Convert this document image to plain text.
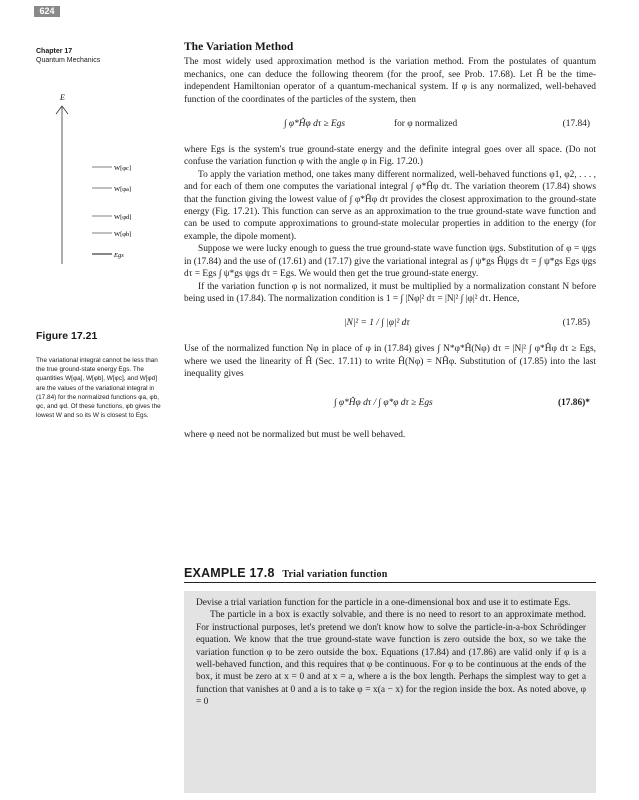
624
Chapter 17
Quantum Mechanics
E
W[φc]
W[φa]
W[φd]
W[φb]
Egs
Figure 17.21
The variational integral cannot be less than the true ground-state energy Egs. The quantities W[φa], W[φb], W[φc], and W[φd] are the values of the variational integral in (17.84) for the normalized functions φa, φb, φc, and φd. Of these functions, φb gives the lowest W and so its W is closest to Egs.
The Variation Method

The most widely used approximation method is the variation method. From the postulates of quantum mechanics, one can deduce the following theorem (for the proof, see Prob. 17.68). Let Ĥ be the time-independent Hamiltonian operator of a quantum-mechanical system. If φ is any normalized, well-behaved function of the coordinates of the particles of the system, then

∫ φ*Ĥφ dτ ≥ Egs	for φ normalized	(17.84)

where Egs is the system's true ground-state energy and the definite integral goes over all space. (Do not confuse the variation function φ with the angle φ in Fig. 17.20.)

To apply the variation method, one takes many different normalized, well-behaved functions φ1, φ2, . . . , and for each of them one computes the variational integral ∫ φ*Ĥφ dτ. The variation theorem (17.84) shows that the function giving the lowest value of ∫ φ*Ĥφ dτ provides the closest approximation to the ground-state energy (Fig. 17.21). This function can serve as an approximation to the true ground-state wave function and can be used to compute approximations to ground-state molecular properties in addition to the energy (for example, the dipole moment).

Suppose we were lucky enough to guess the true ground-state wave function ψgs. Substitution of φ = ψgs in (17.84) and the use of (17.61) and (17.17) give the variational integral as ∫ ψ*gs Ĥψgs dτ = ∫ ψ*gs Egs ψgs dτ = Egs ∫ ψ*gs ψgs dτ = Egs. We would then get the true ground-state energy.

If the variation function φ is not normalized, it must be multiplied by a normalization constant N before being used in (17.84). The normalization condition is 1 = ∫ |Nφ|² dτ = |N|² ∫ |φ|² dτ. Hence,

|N|² = 1 / ∫ |φ|² dτ	(17.85)

Use of the normalized function Nφ in place of φ in (17.84) gives ∫ N*φ*Ĥ(Nφ) dτ = |N|² ∫ φ*Ĥφ dτ ≥ Egs, where we used the linearity of Ĥ (Sec. 17.11) to write Ĥ(Nφ) = NĤφ. Substitution of (17.85) into the last inequality gives

∫ φ*Ĥφ dτ / ∫ φ*φ dτ ≥ Egs	(17.86)*

where φ need not be normalized but must be well behaved.

EXAMPLE 17.8 Trial variation function

Devise a trial variation function for the particle in a one-dimensional box and use it to estimate Egs.

The particle in a box is exactly solvable, and there is no need to resort to an approximate method. For instructional purposes, let's pretend we don't know how to solve the particle-in-a-box Schrödinger equation. We know that the true ground-state wave function is zero outside the box, so we take the variation function φ to be zero outside the box. Equations (17.84) and (17.86) are valid only if φ is a well-behaved function, and this requires that φ be continuous. For φ to be continuous at the ends of the box, it must be zero at x = 0 and at x = a, where a is the box length. Perhaps the simplest way to get a function that vanishes at 0 and a is to take φ = x(a − x) for the region inside the box. As noted above, φ = 0
